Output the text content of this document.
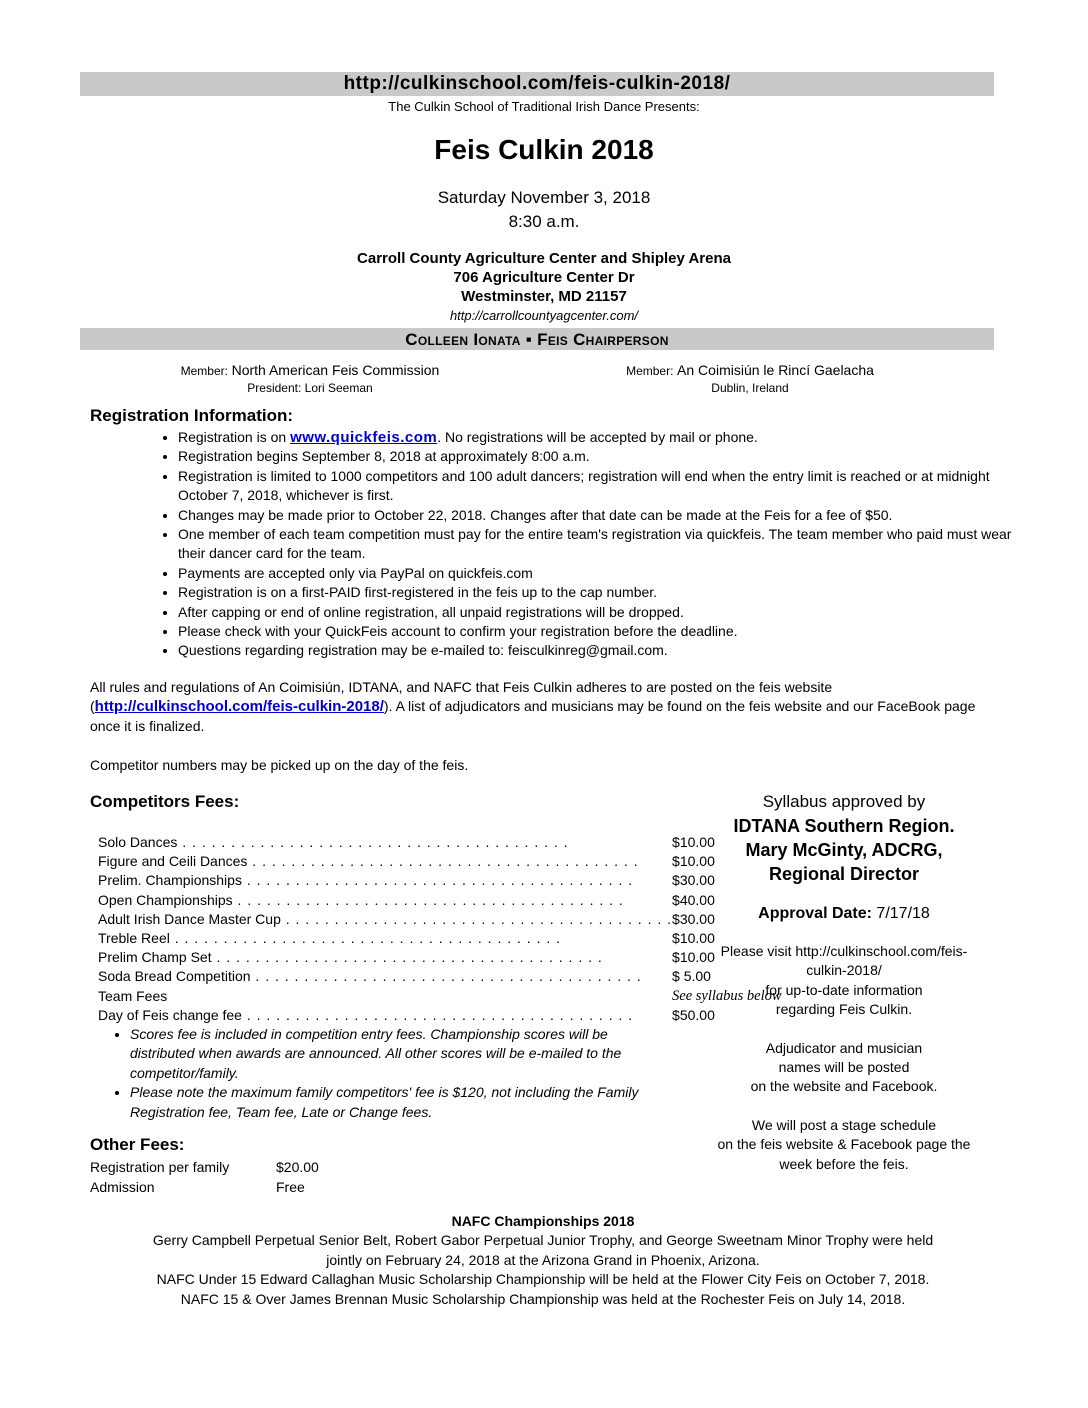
http://culkinschool.com/feis-culkin-2018/
The Culkin School of Traditional Irish Dance Presents:
Feis Culkin 2018
Saturday November 3, 2018
8:30 a.m.
Carroll County Agriculture Center and Shipley Arena
706 Agriculture Center Dr
Westminster, MD 21157
http://carrollcountyagcenter.com/
Colleen Ionata ▪ Feis Chairperson
Member: North American Feis Commission
President: Lori Seeman
Member: An Coimisiún le Rincí Gaelacha
Dublin, Ireland
Registration Information:
• Registration is on www.quickfeis.com. No registrations will be accepted by mail or phone.
• Registration begins September 8, 2018 at approximately 8:00 a.m.
• Registration is limited to 1000 competitors and 100 adult dancers; registration will end when the entry limit is reached or at midnight October 7, 2018, whichever is first.
• Changes may be made prior to October 22, 2018. Changes after that date can be made at the Feis for a fee of $50.
• One member of each team competition must pay for the entire team's registration via quickfeis. The team member who paid must wear their dancer card for the team.
• Payments are accepted only via PayPal on quickfeis.com
• Registration is on a first-PAID first-registered in the feis up to the cap number.
• After capping or end of online registration, all unpaid registrations will be dropped.
• Please check with your QuickFeis account to confirm your registration before the deadline.
• Questions regarding registration may be e-mailed to: feisculkinreg@gmail.com.
All rules and regulations of An Coimisiún, IDTANA, and NAFC that Feis Culkin adheres to are posted on the feis website (http://culkinschool.com/feis-culkin-2018/). A list of adjudicators and musicians may be found on the feis website and our FaceBook page once it is finalized.
Competitor numbers may be picked up on the day of the feis.
Competitors Fees:
Solo Dances . . . . . . . . . . . . . . . . . . . . . . . . . . . . . . . . . . . . . . . .	$10.00
Figure and Ceili Dances . . . . . . . . . . . . . . . . . . . . . . . . . . . . . . . . . . . . . . . .	$10.00
Prelim. Championships . . . . . . . . . . . . . . . . . . . . . . . . . . . . . . . . . . . . . . . .	$30.00
Open Championships . . . . . . . . . . . . . . . . . . . . . . . . . . . . . . . . . . . . . . . .	$40.00
Adult Irish Dance Master Cup . . . . . . . . . . . . . . . . . . . . . . . . . . . . . . . . . . . . . . . .	$30.00
Treble Reel . . . . . . . . . . . . . . . . . . . . . . . . . . . . . . . . . . . . . . . .	$10.00
Prelim Champ Set . . . . . . . . . . . . . . . . . . . . . . . . . . . . . . . . . . . . . . . .	$10.00
Soda Bread Competition . . . . . . . . . . . . . . . . . . . . . . . . . . . . . . . . . . . . . . . .	$ 5.00
Team Fees	See syllabus below
Day of Feis change fee . . . . . . . . . . . . . . . . . . . . . . . . . . . . . . . . . . . . . . . .	$50.00
• Scores fee is included in competition entry fees. Championship scores will be distributed when awards are announced. All other scores will be e-mailed to the competitor/family.
• Please note the maximum family competitors' fee is $120, not including the Family Registration fee, Team fee, Late or Change fees.
Other Fees:
Registration per family	$20.00
Admission	Free
Syllabus approved by
IDTANA Southern Region.
Mary McGinty, ADCRG,
Regional Director
Approval Date: 7/17/18
Please visit http://culkinschool.com/feis-
culkin-2018/
for up-to-date information
regarding Feis Culkin.
Adjudicator and musician
names will be posted
on the website and Facebook.
We will post a stage schedule
on the feis website & Facebook page the
week before the feis.
NAFC Championships 2018
Gerry Campbell Perpetual Senior Belt, Robert Gabor Perpetual Junior Trophy, and George Sweetnam Minor Trophy were held
jointly on February 24, 2018 at the Arizona Grand in Phoenix, Arizona.
NAFC Under 15 Edward Callaghan Music Scholarship Championship will be held at the Flower City Feis on October 7, 2018.
NAFC 15 & Over James Brennan Music Scholarship Championship was held at the Rochester Feis on July 14, 2018.
